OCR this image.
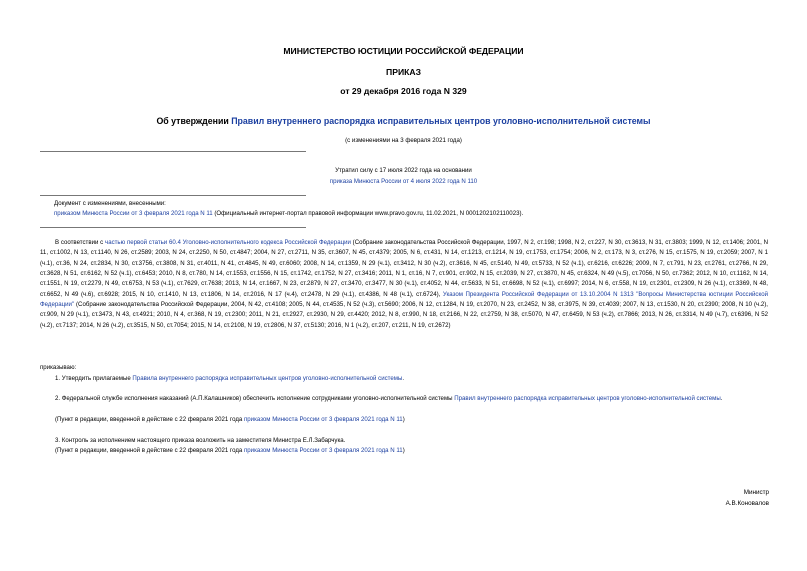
МИНИСТЕРСТВО ЮСТИЦИИ РОССИЙСКОЙ ФЕДЕРАЦИИ
ПРИКАЗ
от 29 декабря 2016 года N 329
Об утверждении Правил внутреннего распорядка исправительных центров уголовно-исполнительной системы
(с изменениями на 3 февраля 2021 года)
Утратил силу с 17 июля 2022 года на основании
приказа Минюста России от 4 июля 2022 года N 110
Документ с изменениями, внесенными:
приказом Минюста России от 3 февраля 2021 года N 11 (Официальный интернет-портал правовой информации www.pravo.gov.ru, 11.02.2021, N 0001202102110023).
В соответствии с частью первой статьи 60.4 Уголовно-исполнительного кодекса Российской Федерации (Собрание законодательства Российской Федерации, 1997, N 2, ст.198; 1998, N 2, ст.227, N 30, ст.3613, N 31, ст.3803; 1999, N 12, ст.1406; 2001, N 11, ст.1002, N 13, ст.1140, N 26, ст.2589; 2003, N 24, ст.2250, N 50, ст.4847; 2004, N 27, ст.2711, N 35, ст.3607, N 45, ст.4379; 2005, N 6, ст.431, N 14, ст.1213, ст.1214, N 19, ст.1753, ст.1754; 2006, N 2, ст.173, N 3, ст.276, N 15, ст.1575, N 19, ст.2059; 2007, N 1 (ч.1), ст.36, N 24, ст.2834, N 30, ст.3756, ст.3808, N 31, ст.4011, N 41, ст.4845, N 49, ст.6060; 2008, N 14, ст.1359, N 29 (ч.1), ст.3412, N 30 (ч.2), ст.3616, N 45, ст.5140, N 49, ст.5733, N 52 (ч.1), ст.6216, ст.6226; 2009, N 7, ст.791, N 23, ст.2761, ст.2766, N 29, ст.3628, N 51, ст.6162, N 52 (ч.1), ст.6453; 2010, N 8, ст.780, N 14, ст.1553, ст.1556, N 15, ст.1742, ст.1752, N 27, ст.3416; 2011, N 1, ст.16, N 7, ст.901, ст.902, N 15, ст.2039, N 27, ст.3870, N 45, ст.6324, N 49 (ч.5), ст.7056, N 50, ст.7362; 2012, N 10, ст.1162, N 14, ст.1551, N 19, ст.2279, N 49, ст.6753, N 53 (ч.1), ст.7629, ст.7638; 2013, N 14, ст.1667, N 23, ст.2879, N 27, ст.3470, ст.3477, N 30 (ч.1), ст.4052, N 44, ст.5633, N 51, ст.6698, N 52 (ч.1), ст.6997; 2014, N 6, ст.558, N 19, ст.2301, ст.2309, N 26 (ч.1), ст.3369, N 48, ст.6652, N 49 (ч.6), ст.6928; 2015, N 10, ст.1410, N 13, ст.1806, N 14, ст.2016, N 17 (ч.4), ст.2478, N 29 (ч.1), ст.4386, N 48 (ч.1), ст.6724), Указом Президента Российской Федерации от 13.10.2004 N 1313 "Вопросы Министерства юстиции Российской Федерации" (Собрание законодательства Российской Федерации, 2004, N 42, ст.4108; 2005, N 44, ст.4535, N 52 (ч.3), ст.5690; 2006, N 12, ст.1284, N 19, ст.2070, N 23, ст.2452, N 38, ст.3975, N 39, ст.4039; 2007, N 13, ст.1530, N 20, ст.2390; 2008, N 10 (ч.2), ст.909, N 29 (ч.1), ст.3473, N 43, ст.4921; 2010, N 4, ст.368, N 19, ст.2300; 2011, N 21, ст.2927, ст.2930, N 29, ст.4420; 2012, N 8, ст.990, N 18, ст.2166, N 22, ст.2759, N 38, ст.5070, N 47, ст.6459, N 53 (ч.2), ст.7866; 2013, N 26, ст.3314, N 49 (ч.7), ст.6396, N 52 (ч.2), ст.7137; 2014, N 26 (ч.2), ст.3515, N 50, ст.7054; 2015, N 14, ст.2108, N 19, ст.2806, N 37, ст.5130; 2016, N 1 (ч.2), ст.207, ст.211, N 19, ст.2672)
приказываю:
1. Утвердить прилагаемые Правила внутреннего распорядка исправительных центров уголовно-исполнительной системы.
2. Федеральной службе исполнения наказаний (А.П.Калашников) обеспечить исполнение сотрудниками уголовно-исполнительной системы Правил внутреннего распорядка исправительных центров уголовно-исполнительной системы.
(Пункт в редакции, введенной в действие с 22 февраля 2021 года приказом Минюста России от 3 февраля 2021 года N 11)
3. Контроль за исполнением настоящего приказа возложить на заместителя Министра Е.Л.Забарчука.
(Пункт в редакции, введенной в действие с 22 февраля 2021 года приказом Минюста России от 3 февраля 2021 года N 11)
Министр
А.В.Коновалов
